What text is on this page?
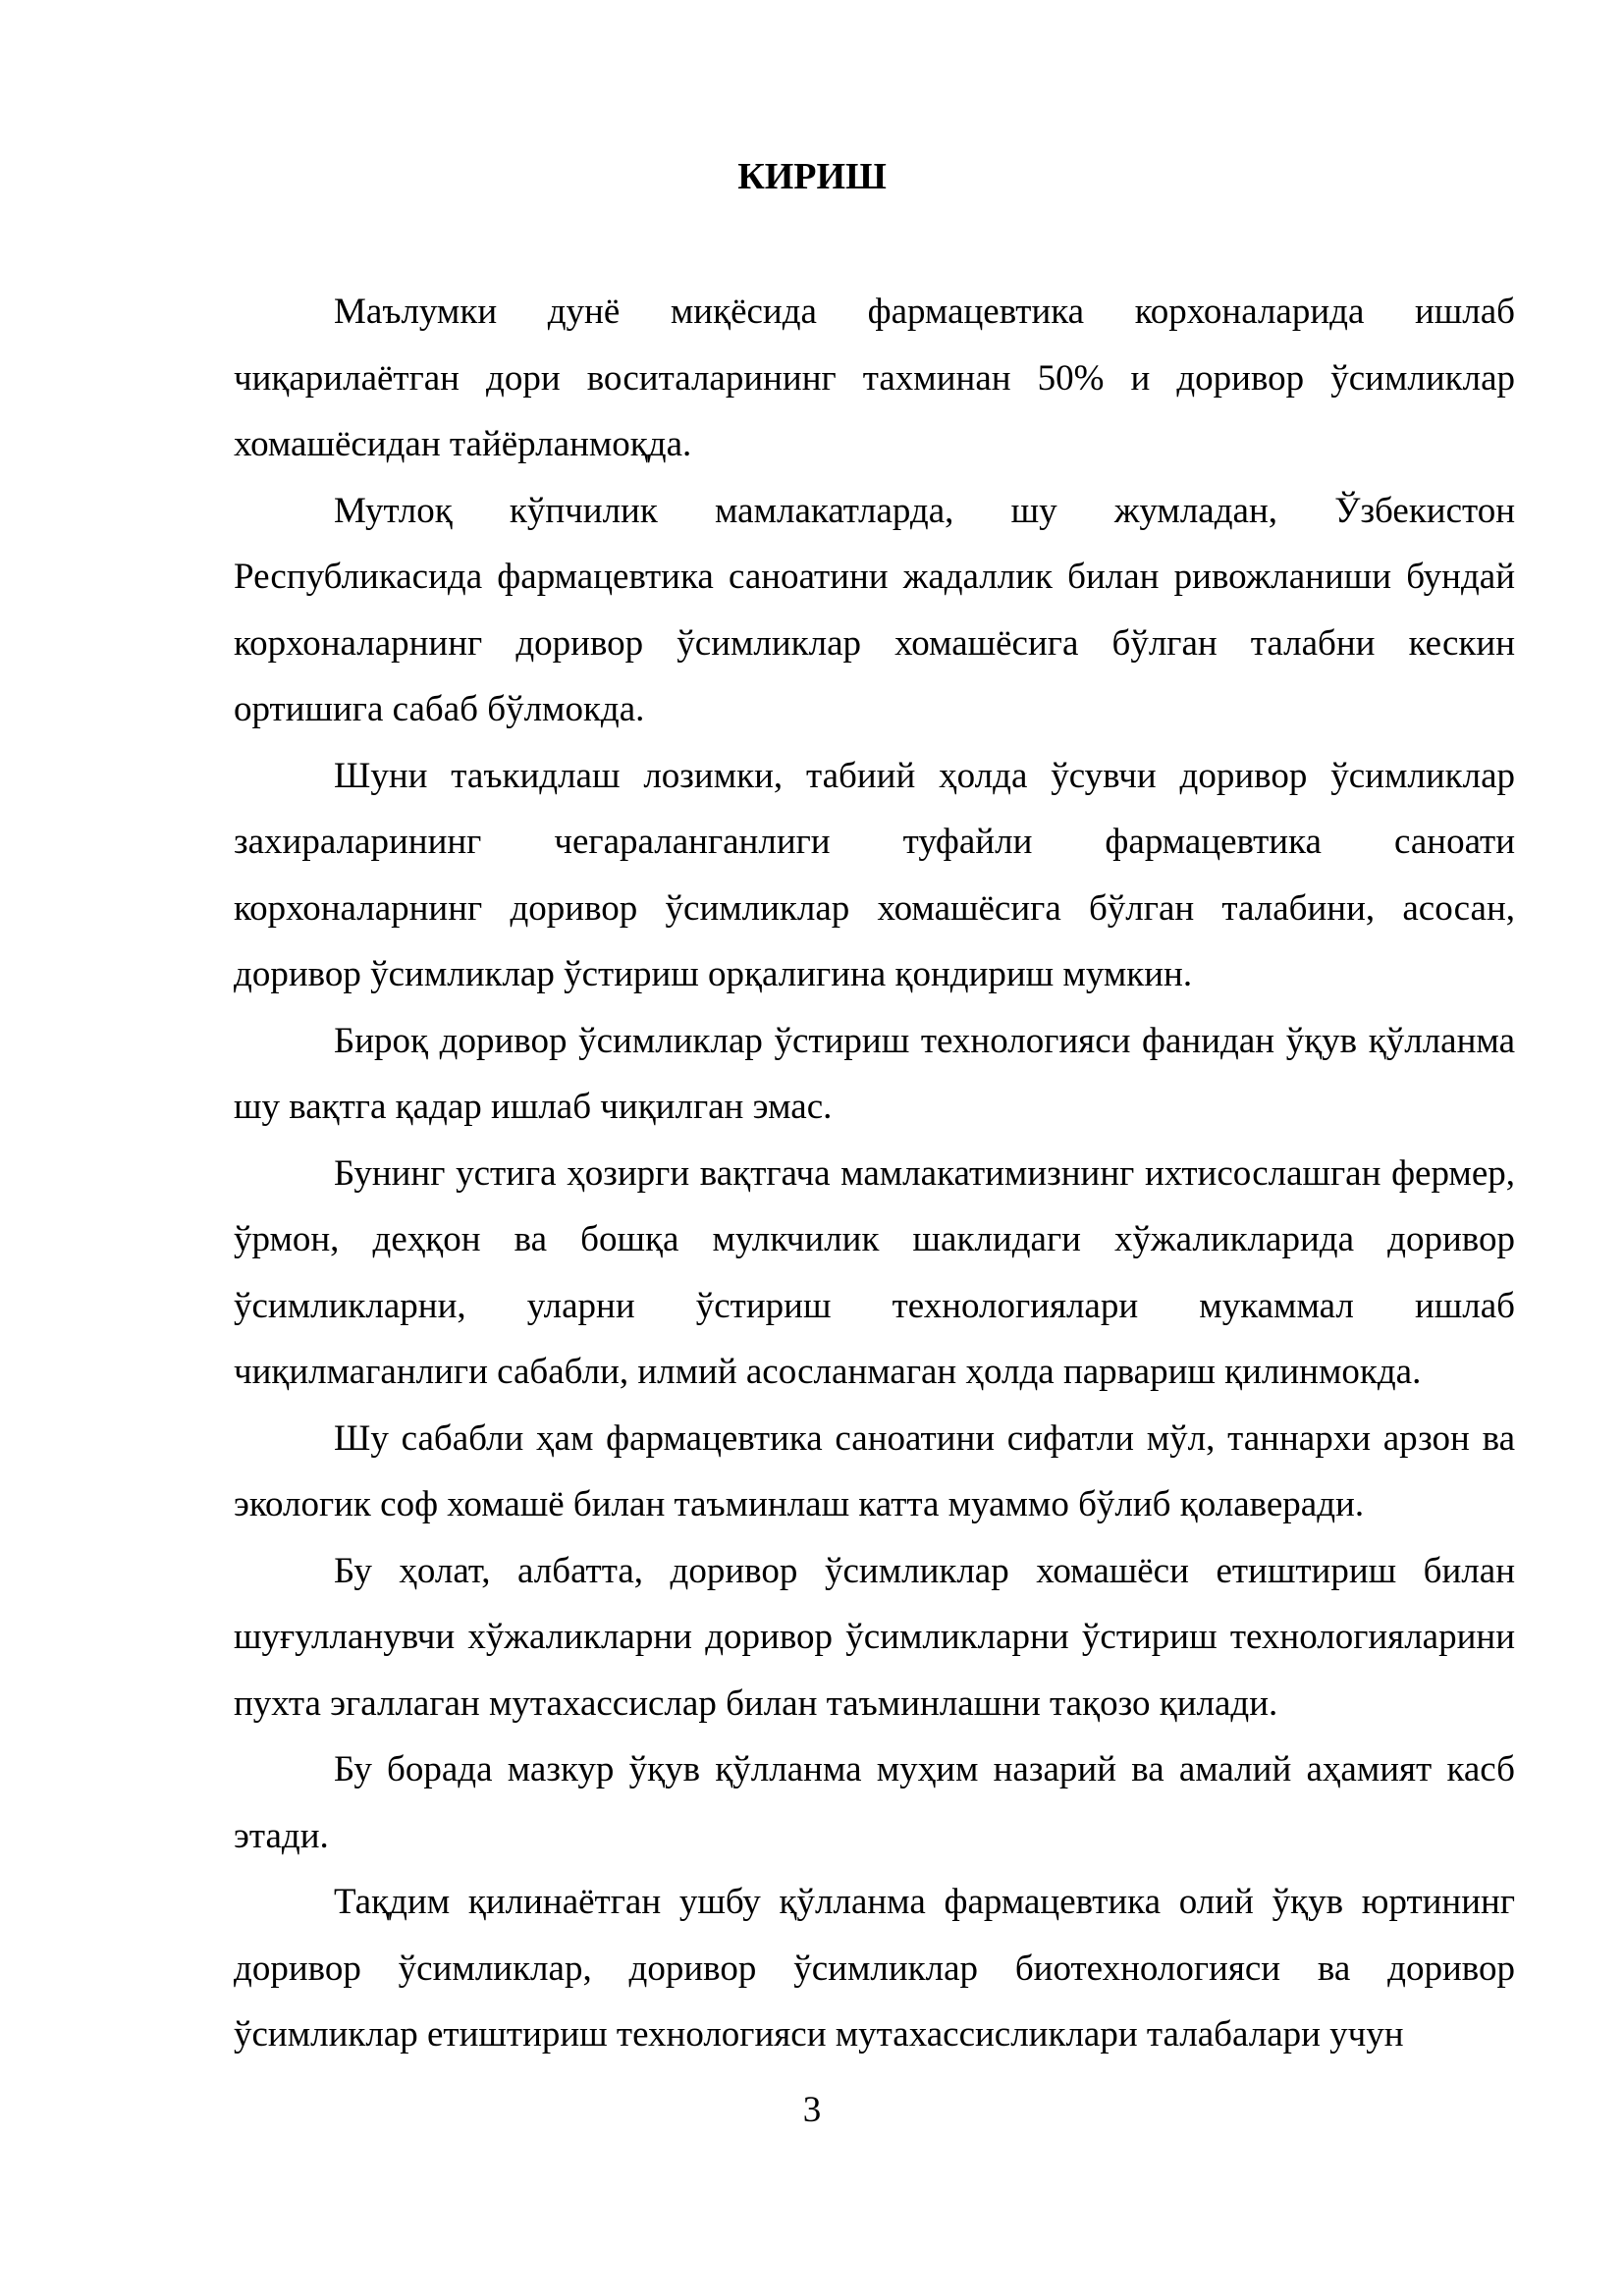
КИРИШ

Маълумки дунё миқёсида фармацевтика корхоналарида ишлаб чиқарилаётган дори воситаларининг тахминан 50% и доривор ўсимликлар хомашёсидан тайёрланмоқда.

Мутлоқ кўпчилик мамлакатларда, шу жумладан, Ўзбекистон Республикасида фармацевтика саноатини жадаллик билан ривожланиши бундай корхоналарнинг доривор ўсимликлар хомашёсига бўлган талабни кескин ортишига сабаб бўлмокда.

Шуни таъкидлаш лозимки, табиий ҳолда ўсувчи доривор ўсимликлар захираларининг чегараланганлиги туфайли фармацевтика саноати корхоналарнинг доривор ўсимликлар хомашёсига бўлган талабини, асосан, доривор ўсимликлар ўстириш орқалигина қондириш мумкин.

Бироқ доривор ўсимликлар ўстириш технологияси фанидан ўқув қўлланма шу вақтга қадар ишлаб чиқилган эмас.

Бунинг устига ҳозирги вақтгача мамлакатимизнинг ихтисослашган фермер, ўрмон, деҳқон ва бошқа мулкчилик шаклидаги хўжаликларида доривор ўсимликларни, уларни ўстириш технологиялари мукаммал ишлаб чиқилмаганлиги сабабли, илмий асосланмаган ҳолда парвариш қилинмокда.

Шу сабабли ҳам фармацевтика саноатини сифатли мўл, таннархи арзон ва экологик соф хомашё билан таъминлаш катта муаммо бўлиб қолаверади.

Бу ҳолат, албатта, доривор ўсимликлар хомашёси етиштириш билан шуғулланувчи хўжаликларни доривор ўсимликларни ўстириш технологияларини пухта эгаллаган мутахассислар билан таъминлашни тақозо қилади.

Бу борада мазкур ўқув қўлланма муҳим назарий ва амалий аҳамият касб этади.

Тақдим қилинаётган ушбу қўлланма фармацевтика олий ўқув юртининг доривор ўсимликлар, доривор ўсимликлар биотехнологияси ва доривор ўсимликлар етиштириш технологияси мутахассисликлари талабалари учун

3
